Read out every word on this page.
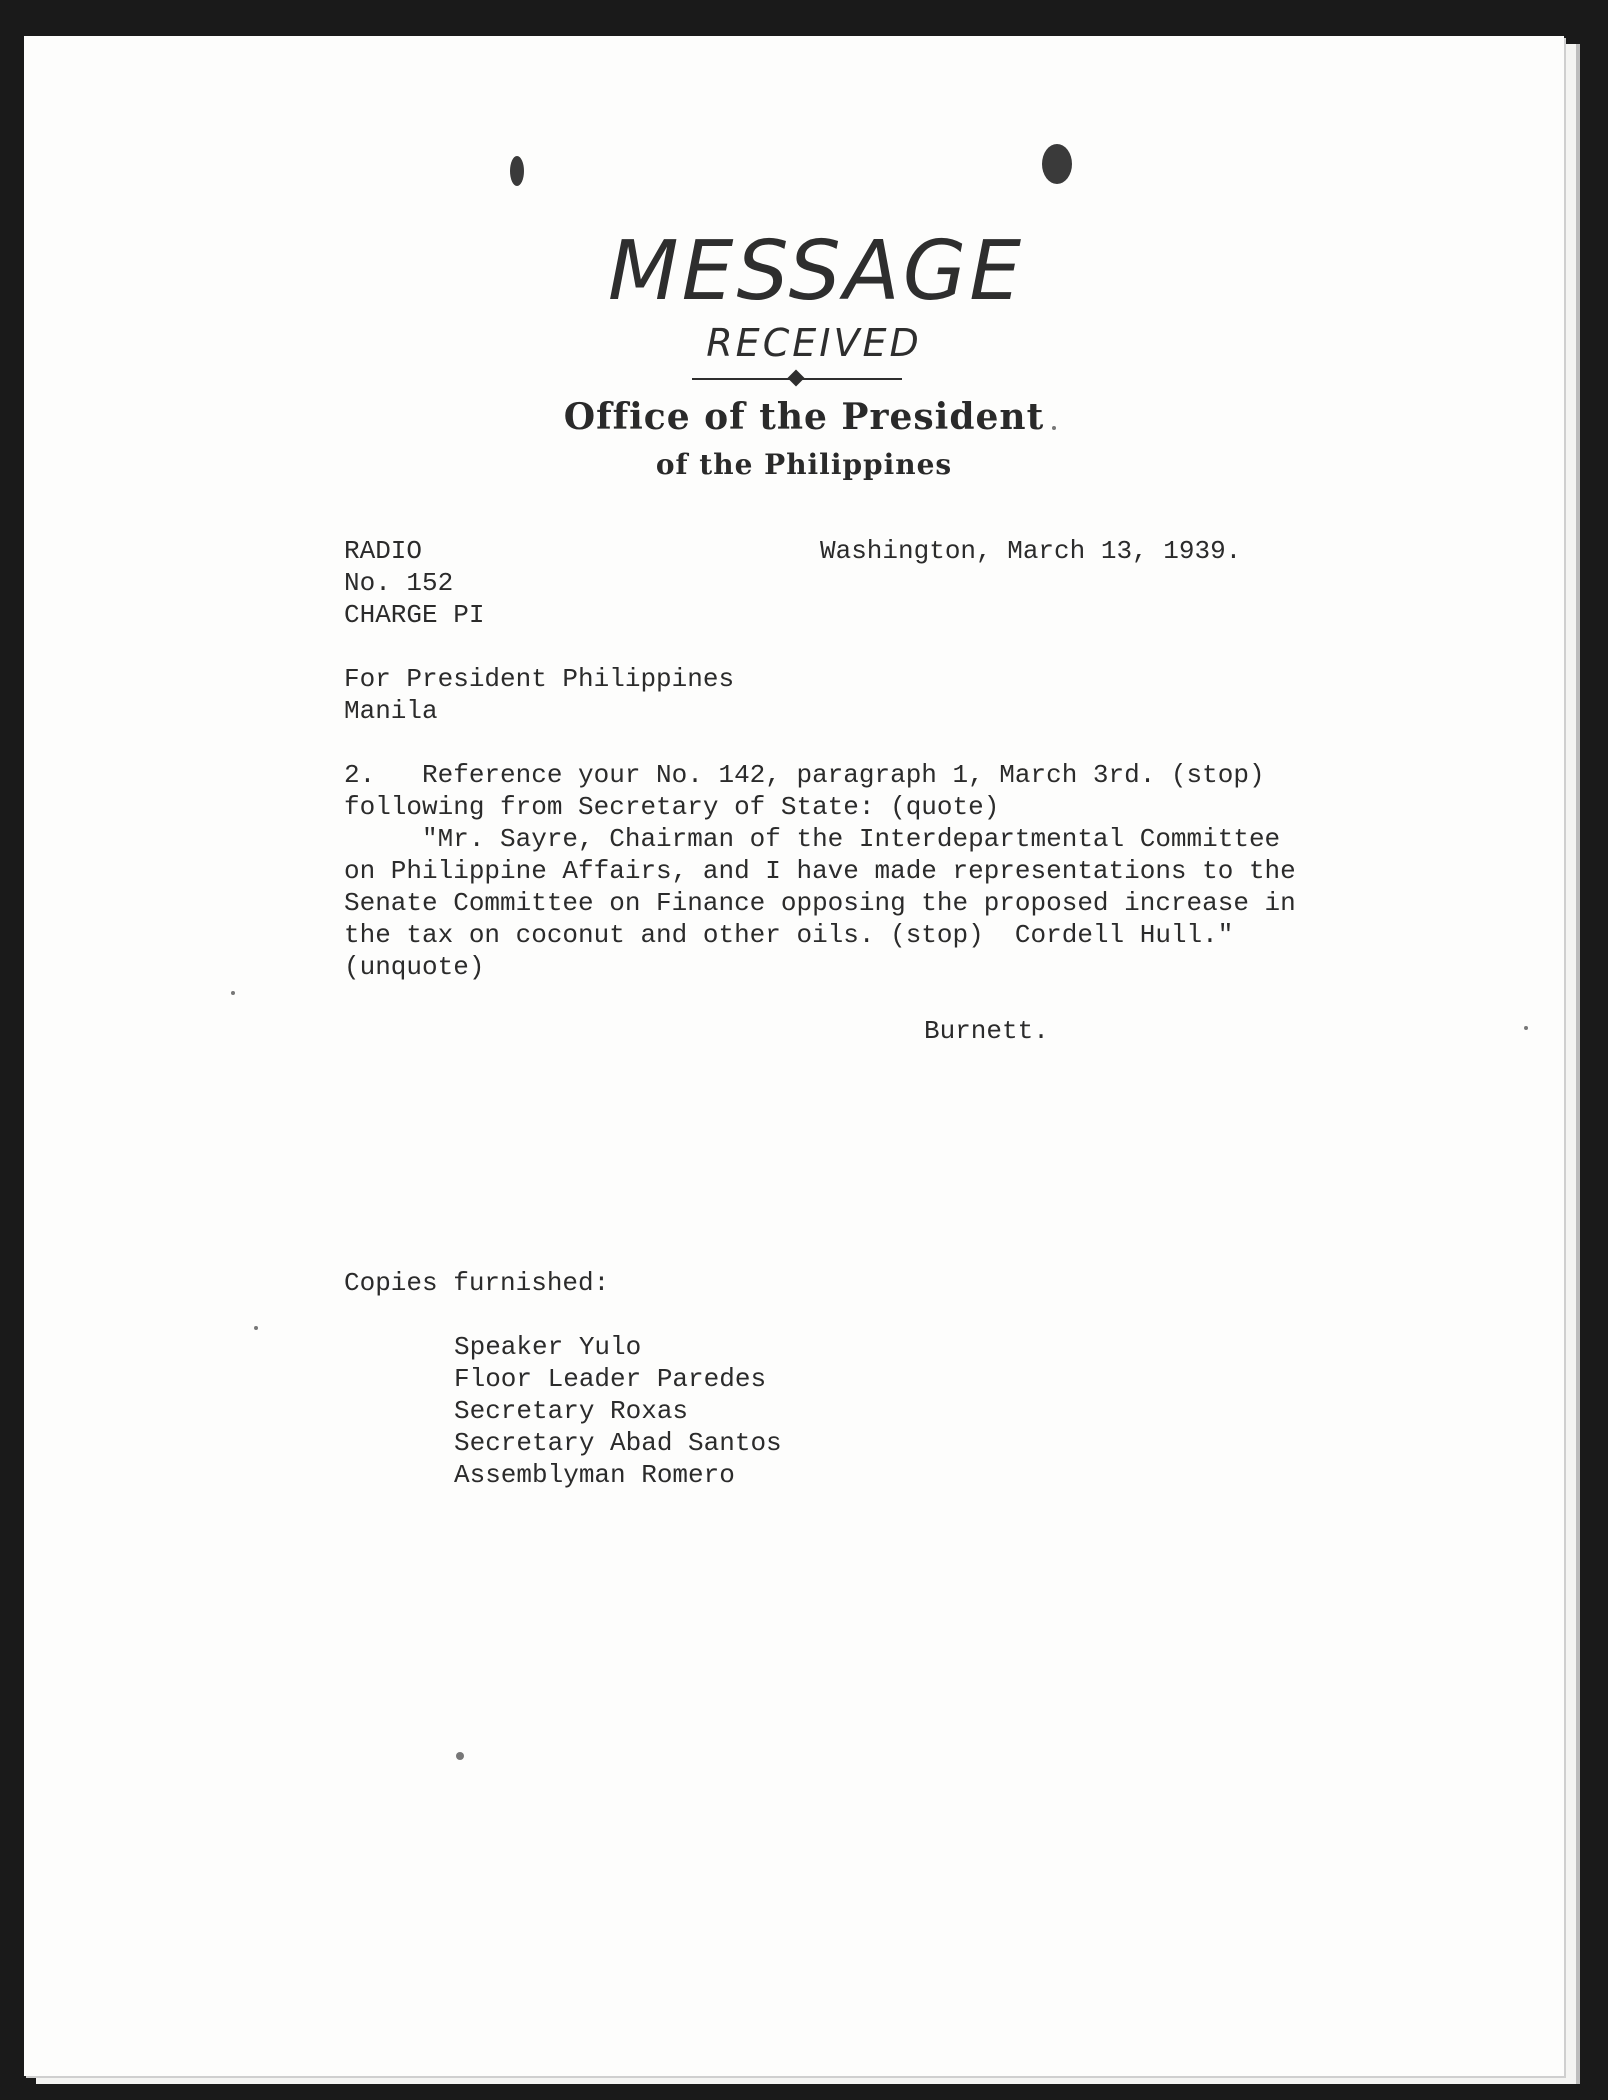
MESSAGE
RECEIVED
Office of the President
of the Philippines
RADIO
No. 152
CHARGE PI
Washington, March 13, 1939.
For President Philippines
Manila
2.   Reference your No. 142, paragraph 1, March 3rd. (stop)
following from Secretary of State: (quote)
"Mr. Sayre, Chairman of the Interdepartmental Committee
on Philippine Affairs, and I have made representations to the
Senate Committee on Finance opposing the proposed increase in
the tax on coconut and other oils. (stop)  Cordell Hull."
(unquote)
Burnett.
Copies furnished:
Speaker Yulo
Floor Leader Paredes
Secretary Roxas
Secretary Abad Santos
Assemblyman Romero
